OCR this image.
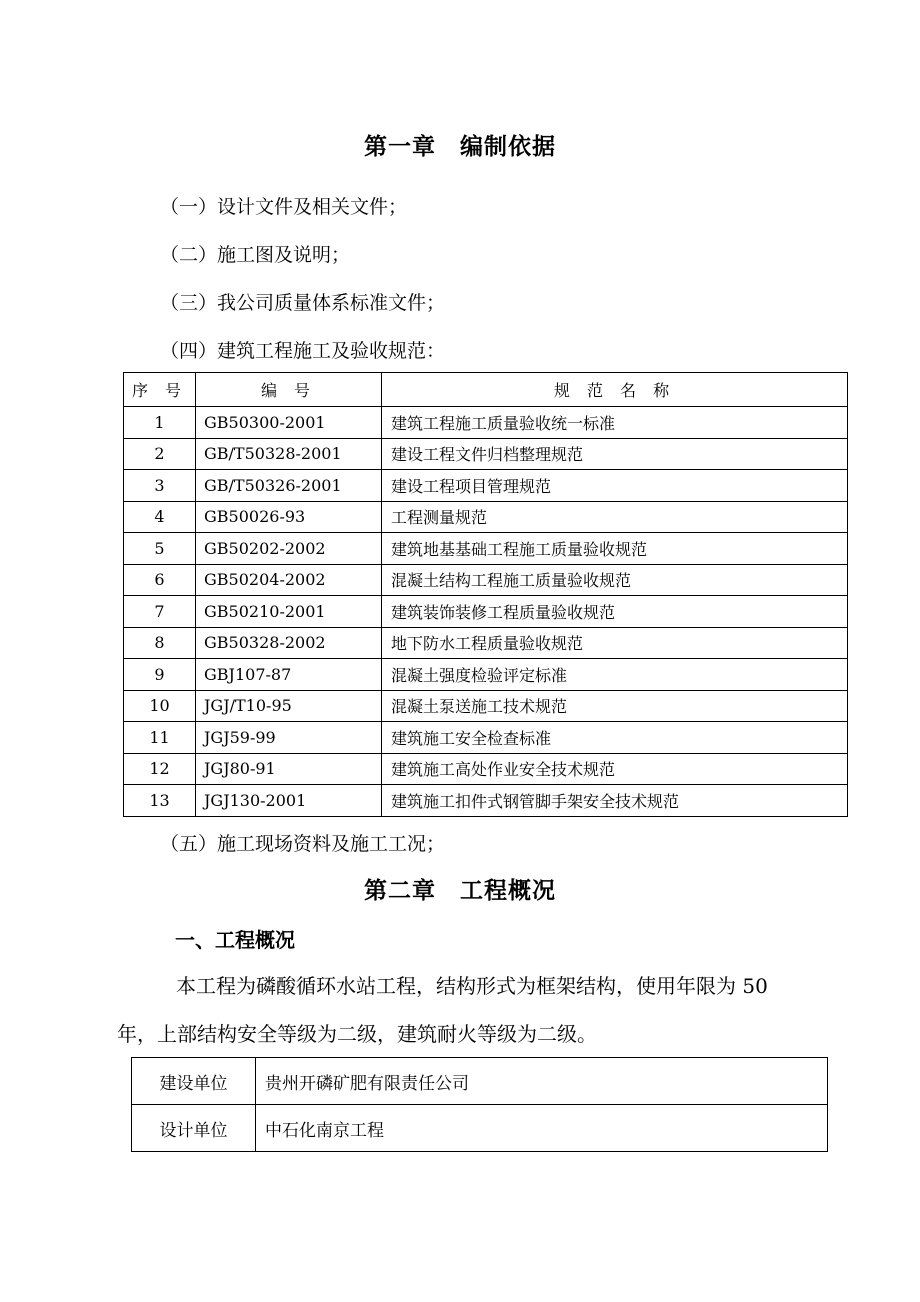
第一章　编制依据
（一）设计文件及相关文件；
（二）施工图及说明；
（三）我公司质量体系标准文件；
（四）建筑工程施工及验收规范：
序 号	编 号	规 范 名 称
1	GB50300-2001	建筑工程施工质量验收统一标准
2	GB/T50328-2001	建设工程文件归档整理规范
3	GB/T50326-2001	建设工程项目管理规范
4	GB50026-93	工程测量规范
5	GB50202-2002	建筑地基基础工程施工质量验收规范
6	GB50204-2002	混凝土结构工程施工质量验收规范
7	GB50210-2001	建筑装饰装修工程质量验收规范
8	GB50328-2002	地下防水工程质量验收规范
9	GBJ107-87	混凝土强度检验评定标准
10	JGJ/T10-95	混凝土泵送施工技术规范
11	JGJ59-99	建筑施工安全检查标准
12	JGJ80-91	建筑施工高处作业安全技术规范
13	JGJ130-2001	建筑施工扣件式钢管脚手架安全技术规范
（五）施工现场资料及施工工况；
第二章　工程概况
一、工程概况
本工程为磷酸循环水站工程，结构形式为框架结构，使用年限为 50
年，上部结构安全等级为二级，建筑耐火等级为二级。
建设单位	贵州开磷矿肥有限责任公司
设计单位	中石化南京工程
